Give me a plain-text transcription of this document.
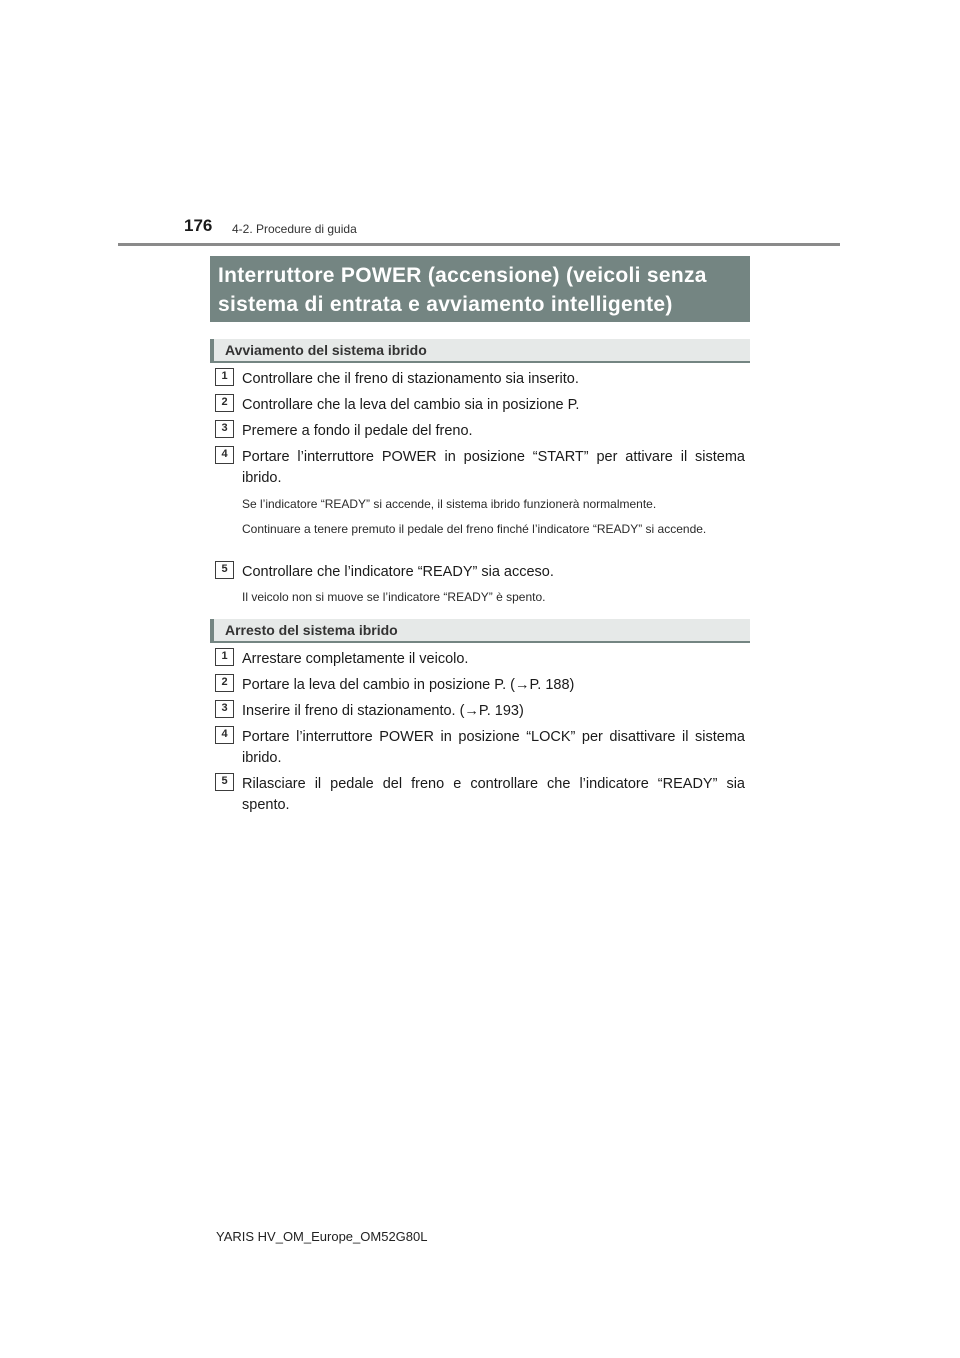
176 4-2. Procedure di guida
Interruttore POWER (accensione) (veicoli senza
sistema di entrata e avviamento intelligente)
Avviamento del sistema ibrido
1 Controllare che il freno di stazionamento sia inserito.
2 Controllare che la leva del cambio sia in posizione P.
3 Premere a fondo il pedale del freno.
4 Portare l’interruttore POWER in posizione “START” per attivare il sistema ibrido.
Se l’indicatore “READY” si accende, il sistema ibrido funzionerà normalmente.
Continuare a tenere premuto il pedale del freno finché l’indicatore “READY” si accende.
5 Controllare che l’indicatore “READY” sia acceso.
Il veicolo non si muove se l’indicatore “READY” è spento.
Arresto del sistema ibrido
1 Arrestare completamente il veicolo.
2 Portare la leva del cambio in posizione P. (→P. 188)
3 Inserire il freno di stazionamento. (→P. 193)
4 Portare l’interruttore POWER in posizione “LOCK” per disattivare il sistema ibrido.
5 Rilasciare il pedale del freno e controllare che l’indicatore “READY” sia spento.
YARIS HV_OM_Europe_OM52G80L
